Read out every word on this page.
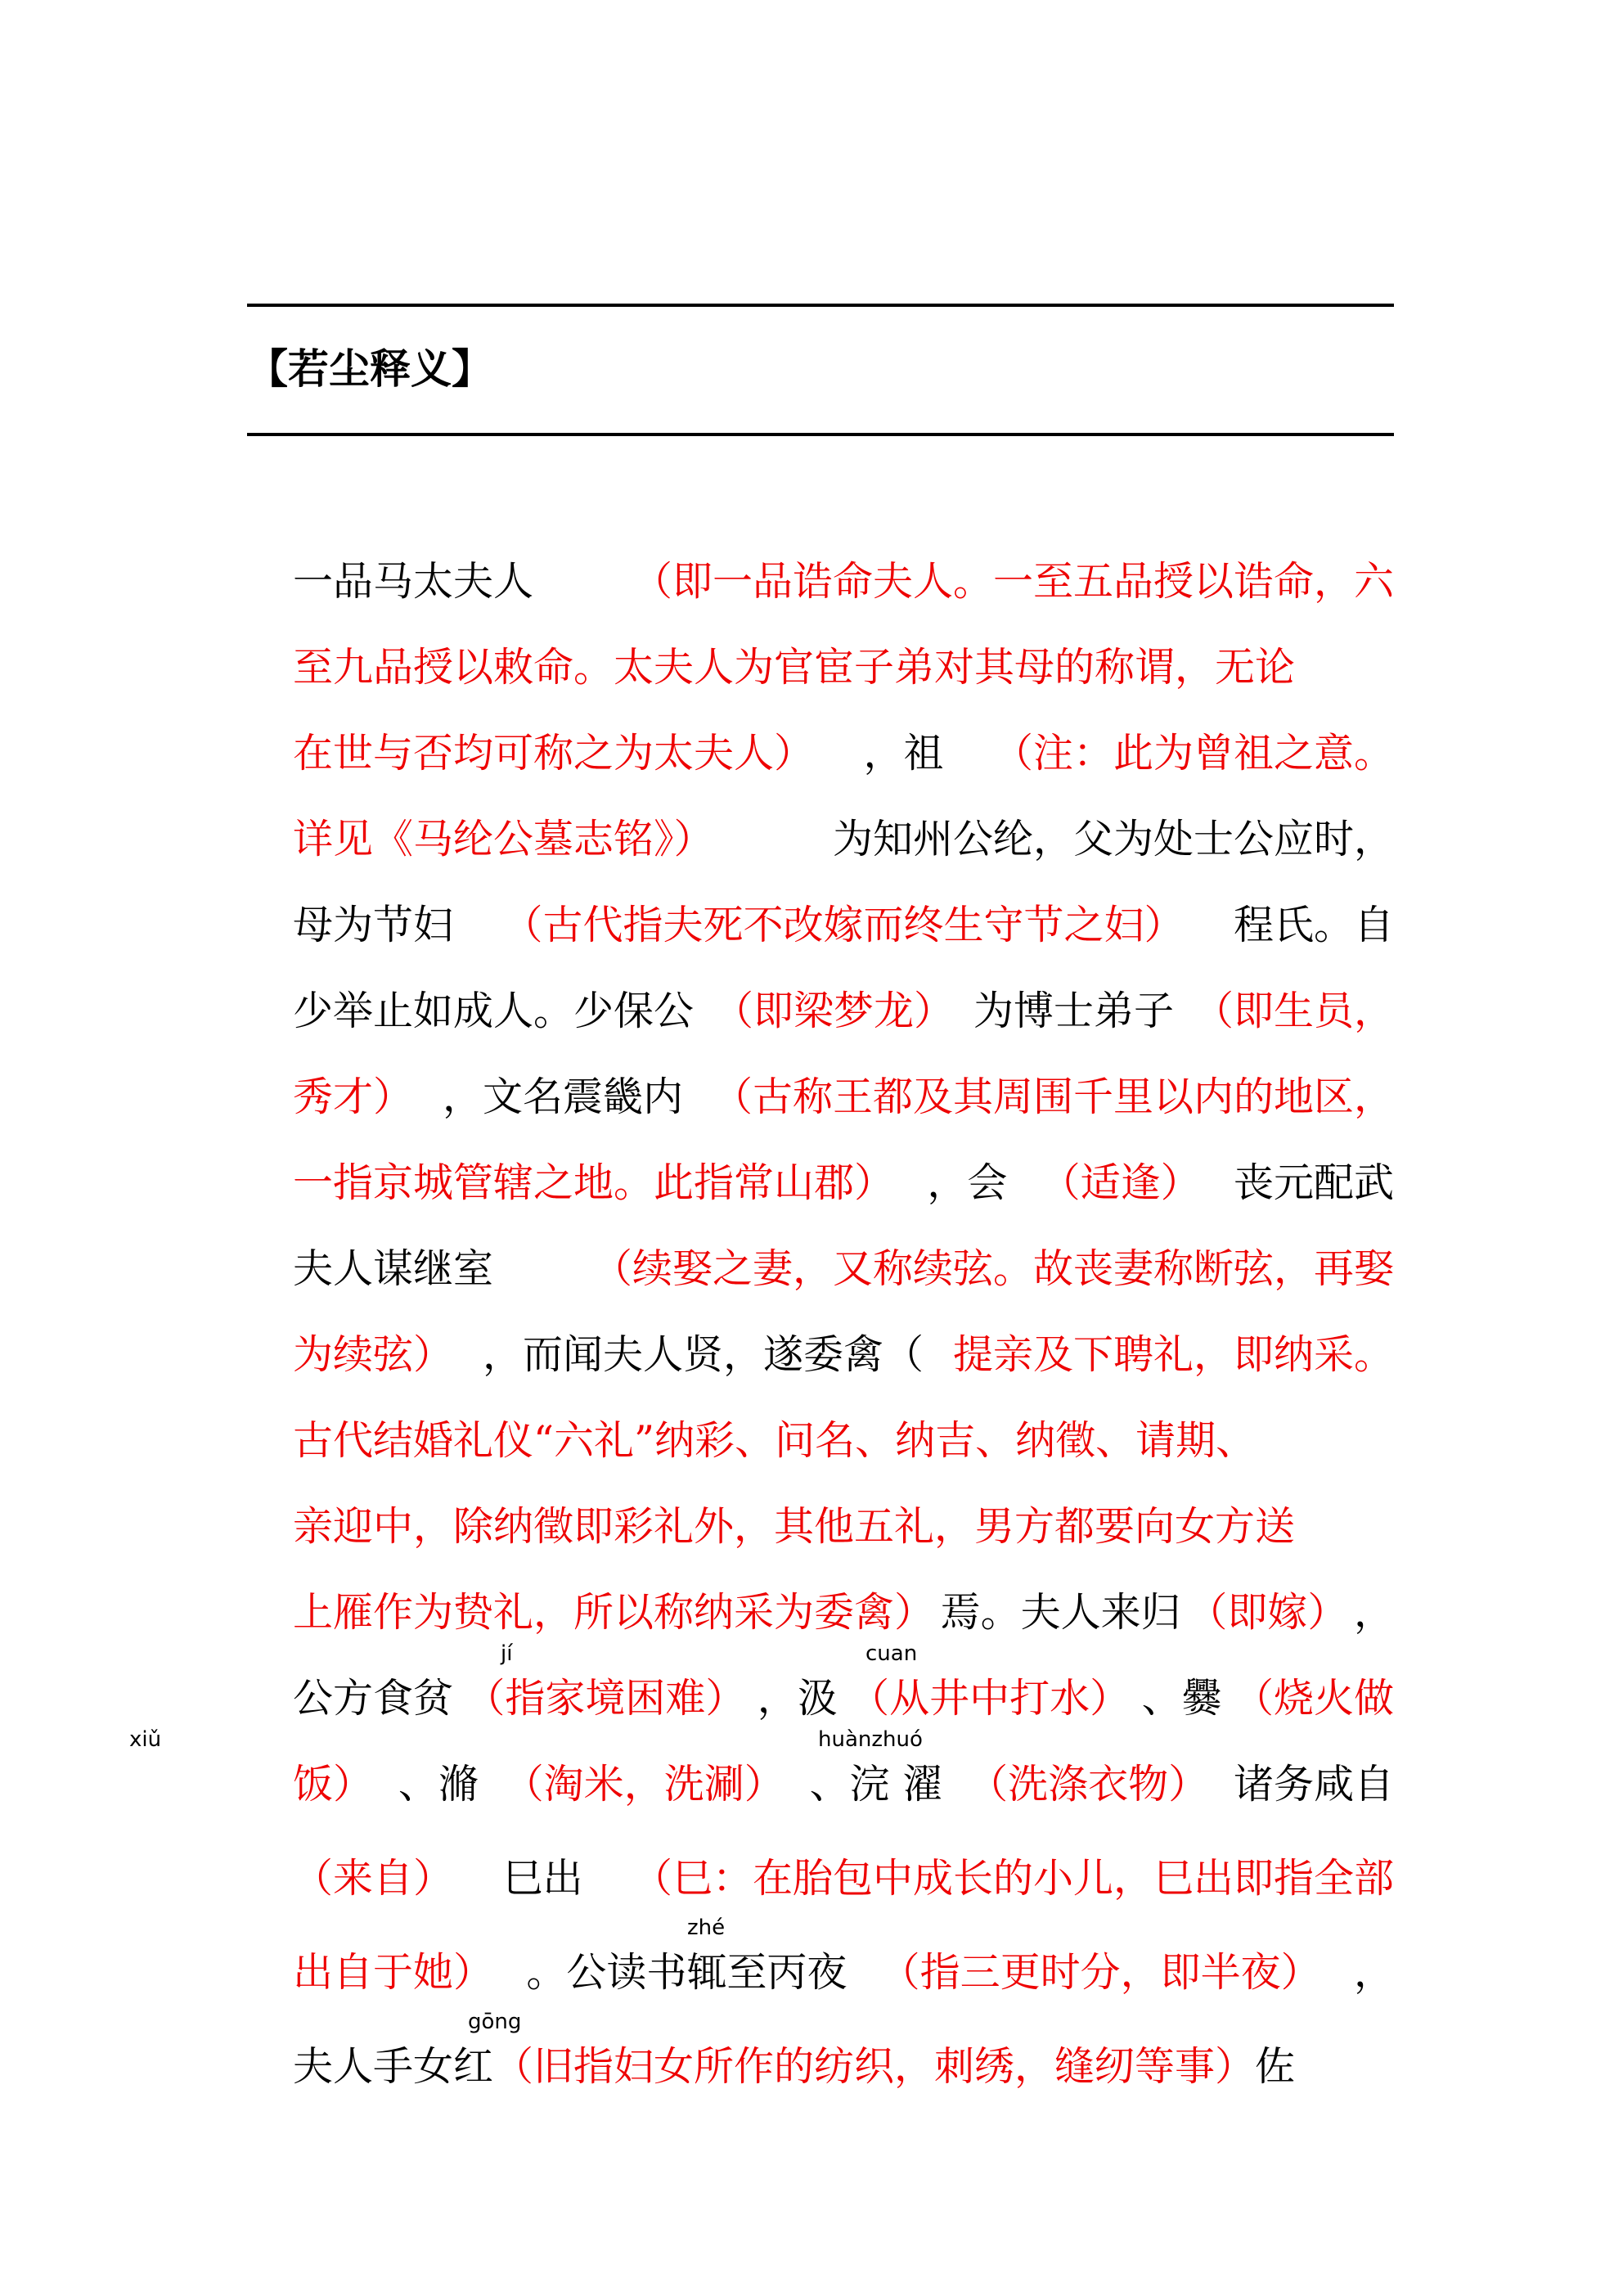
【若尘释义】
一品马太夫人 （即一品诰命夫人。一至五品授以诰命，六
至九品授以敕命。太夫人为官宦子弟对其母的称谓，无论
在世与否均可称之为太夫人） ，祖 （注：此为曾祖之意。
详见《马纶公墓志铭》）	为知州公纶，父为处士公应时，
母为节妇 （古代指夫死不改嫁而终生守节之妇） 程氏。自
少举止如成人。少保公 （即梁梦龙） 为博士弟子 （即生员，
秀才） ，文名震畿内 （古称王都及其周围千里以内的地区，
一指京城管辖之地。此指常山郡） ，会 （适逢） 丧元配武
夫人谋继室 （续娶之妻，又称续弦。故丧妻称断弦，再娶
为续弦） ，而闻夫人贤，遂委禽（ 提亲及下聘礼，即纳采。
古代结婚礼仪“六礼”纳彩、问名、纳吉、纳徵、请期、
亲迎中，除纳徵即彩礼外，其他五礼，男方都要向女方送
上雁作为贽礼，所以称纳采为委禽） 焉。夫人来归 （即嫁） ，
公方食贫 （指家境困难） ，汲 （从井中打水） 、爨 （烧火做
jí	cuan
饭） 、滫 （淘米，洗涮） 、浣 濯 （洗涤衣物） 诸务咸自
xiǔ	huànzhuó
（来自） 巳出 （巳：在胎包中成长的小儿，巳出即指全部
出自于她） 。公读书辄至丙夜 （指三更时分，即半夜） ，
zhé
夫人手女红 （旧指妇女所作的纺织，刺绣，缝纫等事） 佐
gōng
